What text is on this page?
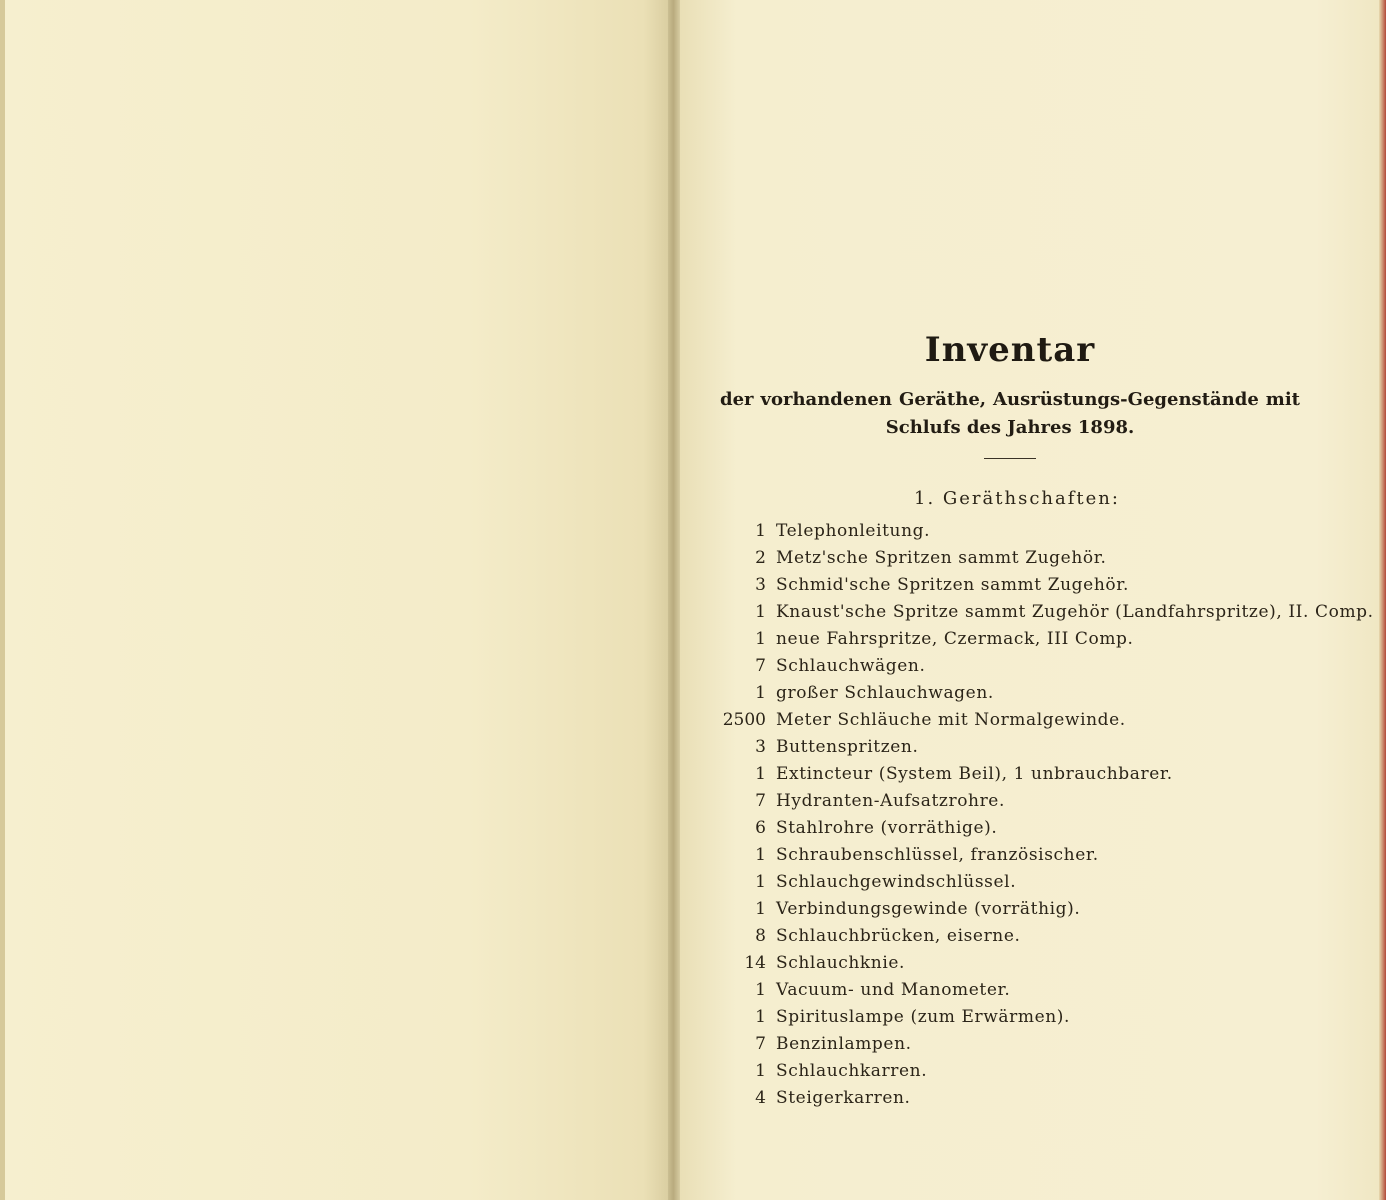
Inventar
der vorhandenen Geräthe, Ausrüstungs-Gegenstände mit Schlufs des Jahres 1898.
1. Geräthschaften:
1 Telephonleitung.
2 Metz'sche Spritzen sammt Zugehör.
3 Schmid'sche Spritzen sammt Zugehör.
1 Knaust'sche Spritze sammt Zugehör (Landfahrspritze), II. Comp.
1 neue Fahrspritze, Czermack, III Comp.
7 Schlauchwägen.
1 großer Schlauchwagen.
2500 Meter Schläuche mit Normalgewinde.
3 Buttenspritzen.
1 Extincteur (System Beil), 1 unbrauchbarer.
7 Hydranten-Aufsatzrohre.
6 Stahlrohre (vorräthige).
1 Schraubenschlüssel, französischer.
1 Schlauchgewindschlüssel.
1 Verbindungsgewinde (vorräthig).
8 Schlauchbrücken, eiserne.
14 Schlauchknie.
1 Vacuum- und Manometer.
1 Spirituslampe (zum Erwärmen).
7 Benzinlampen.
1 Schlauchkarren.
4 Steigerkarren.
